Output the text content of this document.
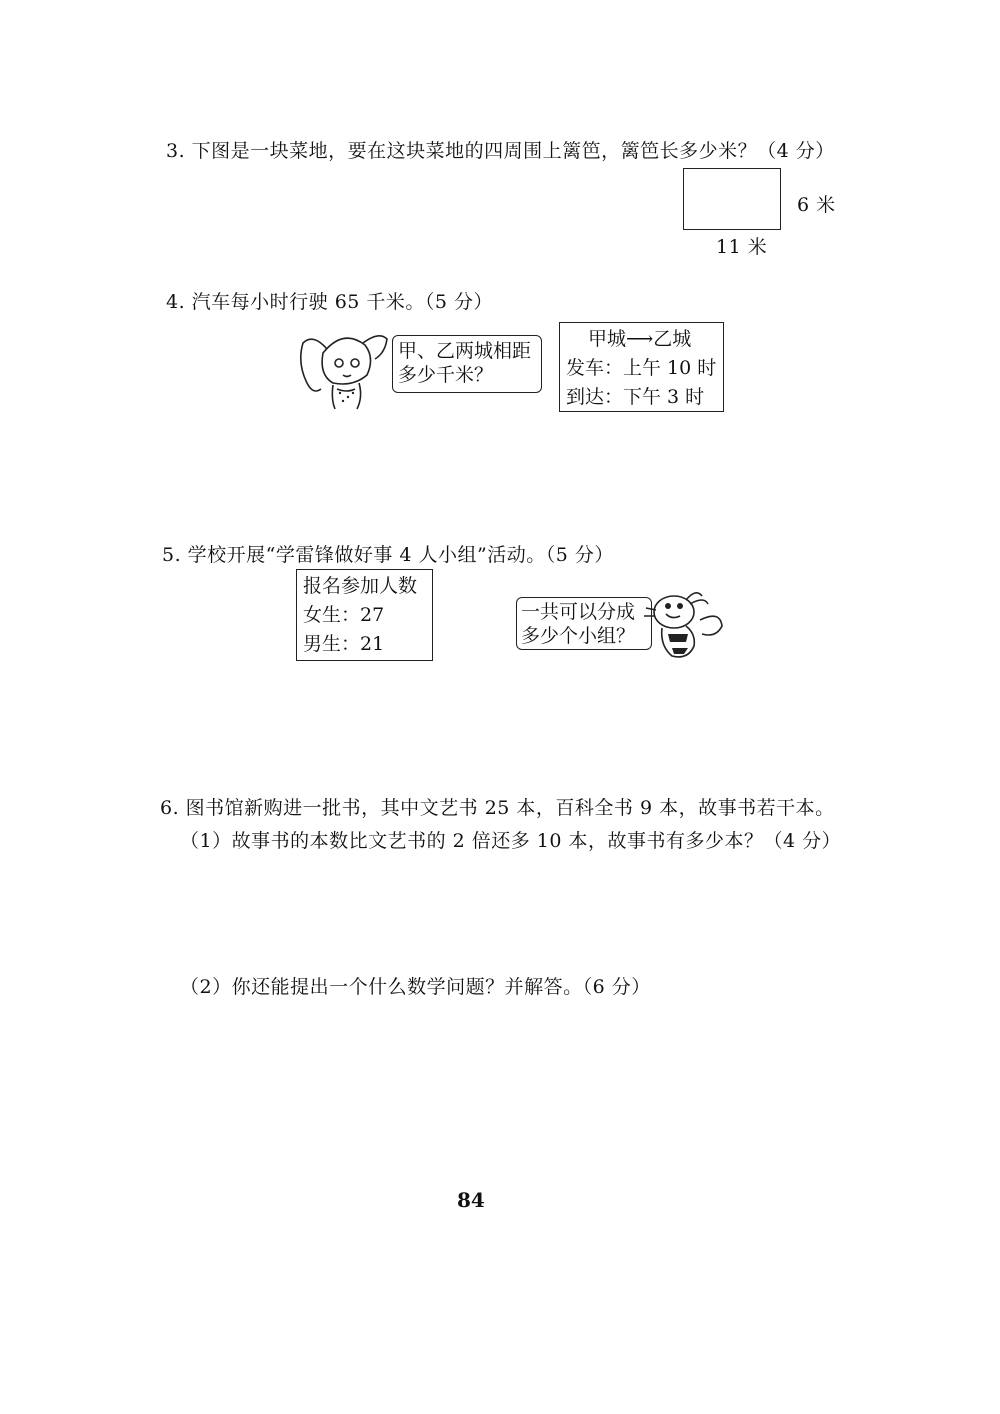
3. 下图是一块菜地，要在这块菜地的四周围上篱笆，篱笆长多少米？（4 分）
6 米
11 米
4. 汽车每小时行驶 65 千米。（5 分）
甲、乙两城相距
多少千米？
甲城⟶乙城
发车：上午 10 时
到达：下午 3 时
5. 学校开展“学雷锋做好事 4 人小组”活动。（5 分）
报名参加人数
女生：27
男生：21
一共可以分成
多少个小组？
6. 图书馆新购进一批书，其中文艺书 25 本，百科全书 9 本，故事书若干本。
（1）故事书的本数比文艺书的 2 倍还多 10 本，故事书有多少本？（4 分）
（2）你还能提出一个什么数学问题？并解答。（6 分）
84
